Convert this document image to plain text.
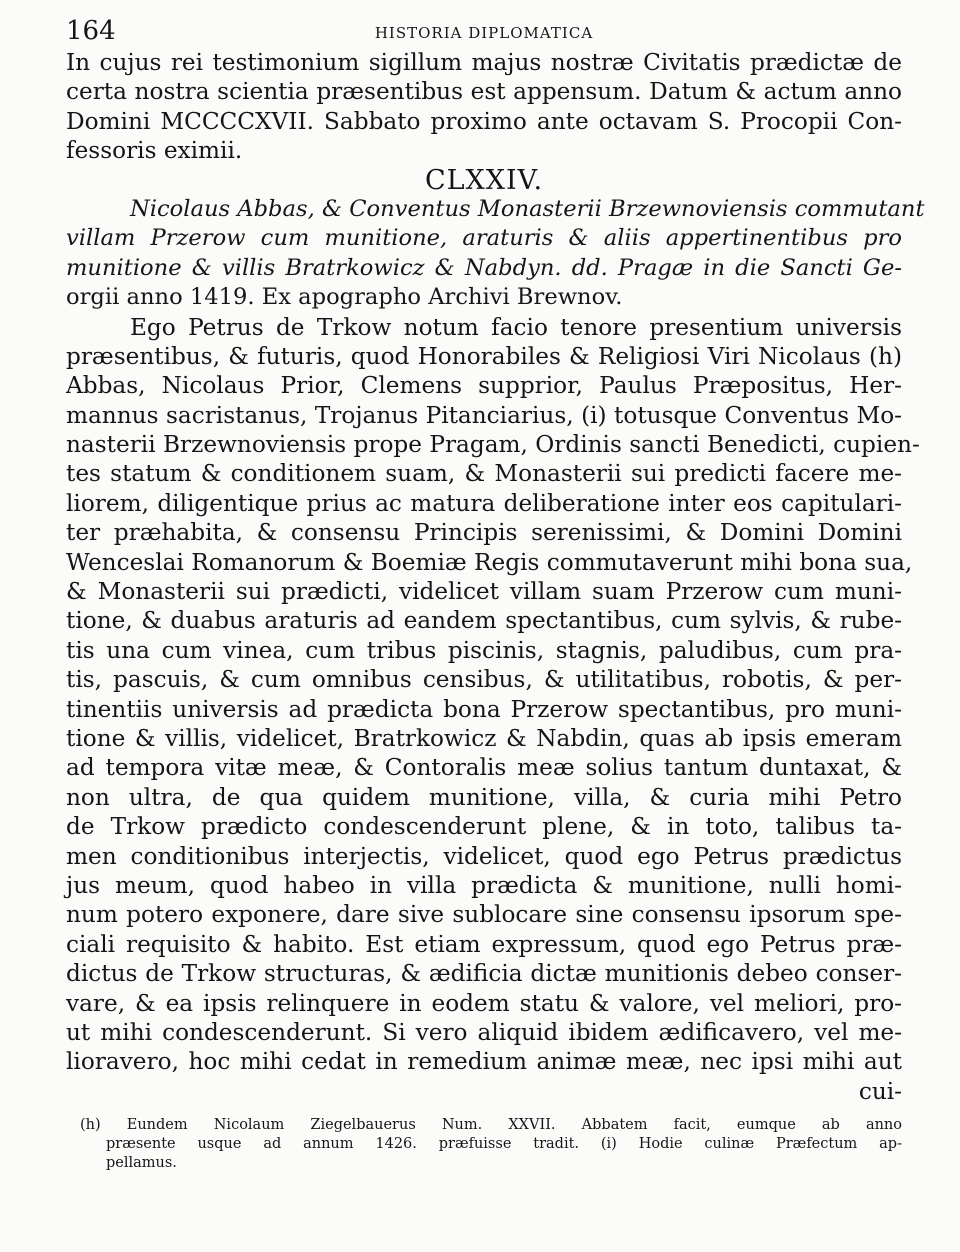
164	HISTORIA DIPLOMATICA
In cujus rei testimonium sigillum majus nostræ Civitatis prædictæ de
certa nostra scientia præsentibus est appensum. Datum & actum anno
Domini MCCCCXVII. Sabbato proximo ante octavam S. Procopii Con-
fessoris eximii.
CLXXIV.
Nicolaus Abbas, & Conventus Monasterii Brzewnoviensis commutant
villam Przerow cum munitione, araturis & aliis appertinentibus pro
munitione & villis Bratrkowicz & Nabdyn. dd. Pragæ in die Sancti Ge-
orgii anno 1419. Ex apographo Archivi Brewnov.
Ego Petrus de Trkow notum facio tenore presentium universis
præsentibus, & futuris, quod Honorabiles & Religiosi Viri Nicolaus (h)
Abbas, Nicolaus Prior, Clemens supprior, Paulus Præpositus, Her-
mannus sacristanus, Trojanus Pitanciarius, (i) totusque Conventus Mo-
nasterii Brzewnoviensis prope Pragam, Ordinis sancti Benedicti, cupien-
tes statum & conditionem suam, & Monasterii sui predicti facere me-
liorem, diligentique prius ac matura deliberatione inter eos capitulari-
ter præhabita, & consensu Principis serenissimi, & Domini Domini
Wenceslai Romanorum & Boemiæ Regis commutaverunt mihi bona sua,
& Monasterii sui prædicti, videlicet villam suam Przerow cum muni-
tione, & duabus araturis ad eandem spectantibus, cum sylvis, & rube-
tis una cum vinea, cum tribus piscinis, stagnis, paludibus, cum pra-
tis, pascuis, & cum omnibus censibus, & utilitatibus, robotis, & per-
tinentiis universis ad prædicta bona Przerow spectantibus, pro muni-
tione & villis, videlicet, Bratrkowicz & Nabdin, quas ab ipsis emeram
ad tempora vitæ meæ, & Contoralis meæ solius tantum duntaxat, &
non ultra, de qua quidem munitione, villa, & curia mihi Petro
de Trkow prædicto condescenderunt plene, & in toto, talibus ta-
men conditionibus interjectis, videlicet, quod ego Petrus prædictus
jus meum, quod habeo in villa prædicta & munitione, nulli homi-
num potero exponere, dare sive sublocare sine consensu ipsorum spe-
ciali requisito & habito. Est etiam expressum, quod ego Petrus præ-
dictus de Trkow structuras, & ædificia dictæ munitionis debeo conser-
vare, & ea ipsis relinquere in eodem statu & valore, vel meliori, pro-
ut mihi condescenderunt. Si vero aliquid ibidem ædificavero, vel me-
lioravero, hoc mihi cedat in remedium animæ meæ, nec ipsi mihi aut
cui-
(h) Eundem Nicolaum Ziegelbauerus Num. XXVII. Abbatem facit, eumque ab anno
præsente usque ad annum 1426. præfuisse tradit. (i) Hodie culinæ Præfectum ap-
pellamus.
